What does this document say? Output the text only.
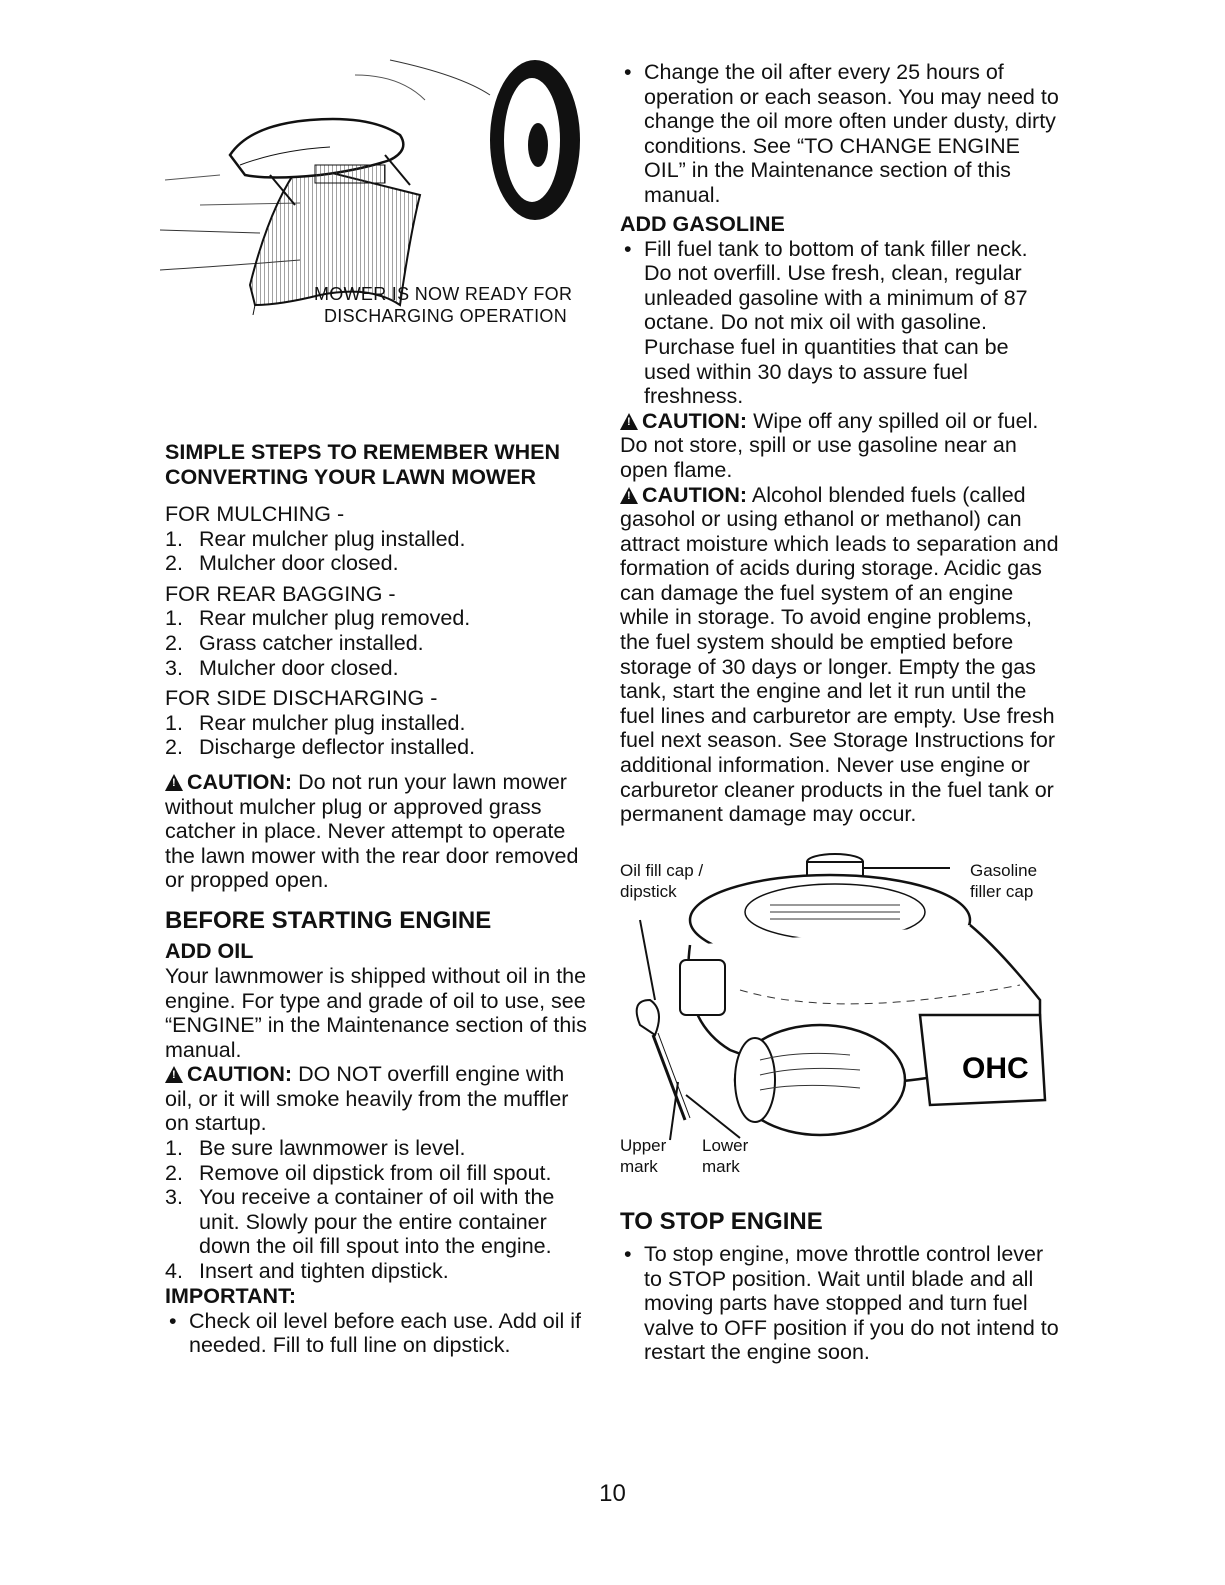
MOWER IS NOW READY FOR
DISCHARGING OPERATION

SIMPLE STEPS TO REMEMBER WHEN

CONVERTING YOUR LAWN MOWER

FOR MULCHING -

1. Rear mulcher plug installed.
2. Mulcher door closed.

FOR REAR BAGGING -

1. Rear mulcher plug removed.
2. Grass catcher installed.
3. Mulcher door closed.

FOR SIDE DISCHARGING -

1. Rear mulcher plug installed.
2. Discharge deflector installed.

!CAUTION: Do not run your lawn mower without mulcher plug or approved grass catcher in place. Never attempt to operate the lawn mower with the rear door removed or propped open.

BEFORE STARTING ENGINE

ADD OIL

Your lawnmower is shipped without oil in the engine. For type and grade of oil to use, see “ENGINE” in the Maintenance section of this manual.

!CAUTION: DO NOT overfill engine with oil, or it will smoke heavily from the muffler on startup.

1. Be sure lawnmower is level.
2. Remove oil dipstick from oil fill spout.
3. You receive a container of oil with the unit. Slowly pour the entire container down the oil fill spout into the engine.
4. Insert and tighten dipstick.

IMPORTANT:

• Check oil level before each use. Add oil if needed. Fill to full line on dipstick.
• Change the oil after every 25 hours of operation or each season. You may need to change the oil more often under dusty, dirty conditions. See “TO CHANGE ENGINE OIL” in the Maintenance section of this manual.

ADD GASOLINE

• Fill fuel tank to bottom of tank filler neck. Do not overfill. Use fresh, clean, regular unleaded gasoline with a minimum of 87 octane. Do not mix oil with gasoline. Purchase fuel in quantities that can be used within 30 days to assure fuel freshness.

!CAUTION: Wipe off any spilled oil or fuel. Do not store, spill or use gasoline near an open flame.

!CAUTION: Alcohol blended fuels (called gasohol or using ethanol or methanol) can attract moisture which leads to separation and formation of acids during storage. Acidic gas can damage the fuel system of an engine while in storage. To avoid engine problems, the fuel system should be emptied before storage of 30 days or longer. Empty the gas tank, start the engine and let it run until the fuel lines and carburetor are empty. Use fresh fuel next season. See Storage Instructions for additional information. Never use engine or carburetor cleaner products in the fuel tank or permanent damage may occur.

OHC
Oil fill cap /
dipstick
Gasoline
filler cap
Upper
mark
Lower
mark

TO STOP ENGINE

• To stop engine, move throttle control lever to STOP position. Wait until blade and all moving parts have stopped and turn fuel valve to OFF position if you do not intend to restart the engine soon.
10
